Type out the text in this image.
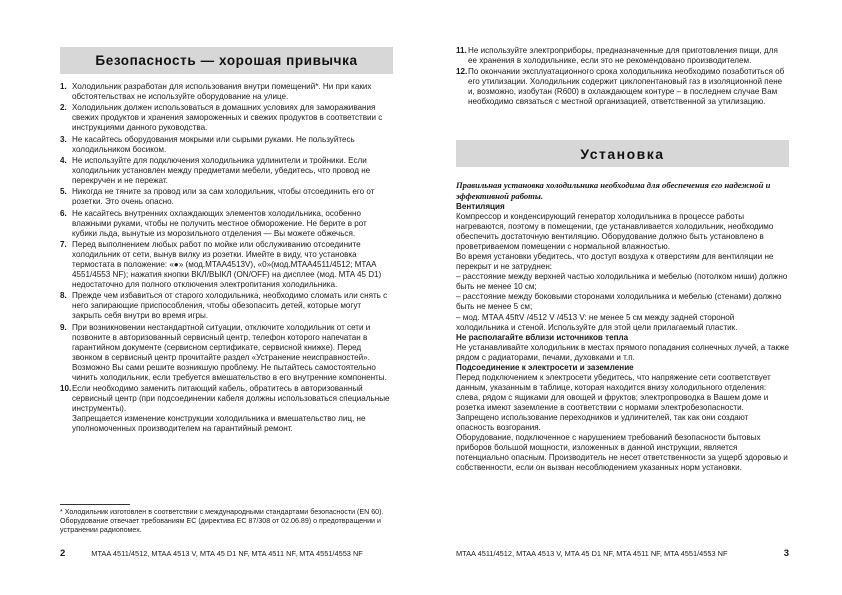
Безопасность — хорошая привычка
1. Холодильник разработан для использования внутри помещений*. Ни при каких обстоятельствах не используйте оборудование на улице.
2. Холодильник должен использоваться в домашних условиях для замораживания свежих продуктов и хранения замороженных и свежих продуктов в соответствии с инструкциями данного руководства.
3. Не касайтесь оборудования мокрыми или сырыми руками. Не пользуйтесь холодильником босиком.
4. Не используйте для подключения холодильника удлинители и тройники. Если холодильник установлен между предметами мебели, убедитесь, что провод не перекручен и не пережат.
5. Никогда не тяните за провод или за сам холодильник, чтобы отсоединить его от розетки. Это очень опасно.
6. Не касайтесь внутренних охлаждающих элементов холодильника, особенно влажными руками, чтобы не получить местное обморожение. Не берите в рот кубики льда, вынутые из морозильного отделения — Вы можете обжечься.
7. Перед выполнением любых работ по мойке или обслуживанию отсоедините холодильник от сети, вынув вилку из розетки. Имейте в виду, что установка термостата в положение: «●» (мод.MTAA4513V), «0»(мод.MTAA4511/4512; MTAA 4551/4553 NF); нажатия кнопки ВКЛ/ВЫКЛ (ON/OFF) на дисплее (мод. MTA 45 D1) недостаточно для полного отключения электропитания холодильника.
8. Прежде чем избавиться от старого холодильника, необходимо сломать или снять с него запирающие приспособления, чтобы обезопасить детей, которые могут закрыть себя внутри во время игры.
9. При возникновении нестандартной ситуации, отключите холодильник от сети и позвоните в авторизованный сервисный центр, телефон которого напечатан в гарантийном документе (сервисном сертификате, сервисной книжке). Перед звонком в сервисный центр прочитайте раздел «Устранение неисправностей». Возможно Вы сами решите возникшую проблему. Не пытайтесь самостоятельно чинить холодильник, если требуется вмешательство в его внутренние компоненты.
10. Если необходимо заменить питающий кабель, обратитесь в авторизованный сервисный центр (при подсоединении кабеля должны использоваться специальные инструменты).
Запрещается изменение конструкции холодильника и вмешательство лиц, не уполномоченных производителем на гарантийный ремонт.
* Холодильник изготовлен в соответствии с международными стандартами безопасности (EN 60). Оборудование отвечает требованиям ЕС (директива ЕС 87/308 от 02.06.89) о предотвращении и устранении радиопомех.
2	MTAA 4511/4512, MTAA 4513 V, MTA 45 D1 NF, MTA 4511 NF, MTA 4551/4553 NF
11. Не используйте электроприборы, предназначенные для приготовления пищи, для ее хранения в холодильнике, если это не рекомендовано производителем.
12. По окончании эксплуатационного срока холодильника необходимо позаботиться об его утилизации. Холодильник содержит циклопентановый газ в изоляционной пене и, возможно, изобутан (R600) в охлаждающем контуре – в последнем случае Вам необходимо связаться с местной организацией, ответственной за утилизацию.
Установка

Правильная установка холодильника необходима для обеспечения его надежной и эффективной работы.

Вентиляция

Компрессор и конденсирующий генератор холодильника в процессе работы нагреваются, поэтому в помещении, где устанавливается холодильник, необходимо обеспечить достаточную вентиляцию. Оборудование должно быть установлено в проветриваемом помещении с нормальной влажностью.

Во время установки убедитесь, что доступ воздуха к отверстиям для вентиляции не перекрыт и не затруднен:

– расстояние между верхней частью холодильника и мебелью (потолком ниши) должно быть не менее 10 см;

– расстояние между боковыми сторонами холодильника и мебелью (стенами) должно быть не менее 5 см;

– мод. MTAA 45ftV /4512 V /4513 V: не менее 5 см между задней стороной холодильника и стеной. Используйте для этой цели прилагаемый пластик.

Не располагайте вблизи источников тепла

Не устанавливайте холодильник в местах прямого попадания солнечных лучей, а также рядом с радиаторами, печами, духовками и т.п.

Подсоединение к электросети и заземление

Перед подключением к электросети убедитесь, что напряжение сети соответствует данным, указанным в таблице, которая находится внизу холодильного отделения: слева, рядом с ящиками для овощей и фруктов; электропроводка в Вашем доме и розетка имеют заземление в соответствии с нормами электробезопасности.

Запрещено использование переходников и удлинителей, так как они создают опасность возгорания.

Оборудование, подключенное с нарушением требований безопасности бытовых приборов большой мощности, изложенных в данной инструкции, является потенциально опасным. Производитель не несет ответственности за ущерб здоровью и собственности, если он вызван несоблюдением указанных норм установки.

MTAA 4511/4512, MTAA 4513 V, MTA 45 D1 NF, MTA 4511 NF, MTA 4551/4553 NF	3
